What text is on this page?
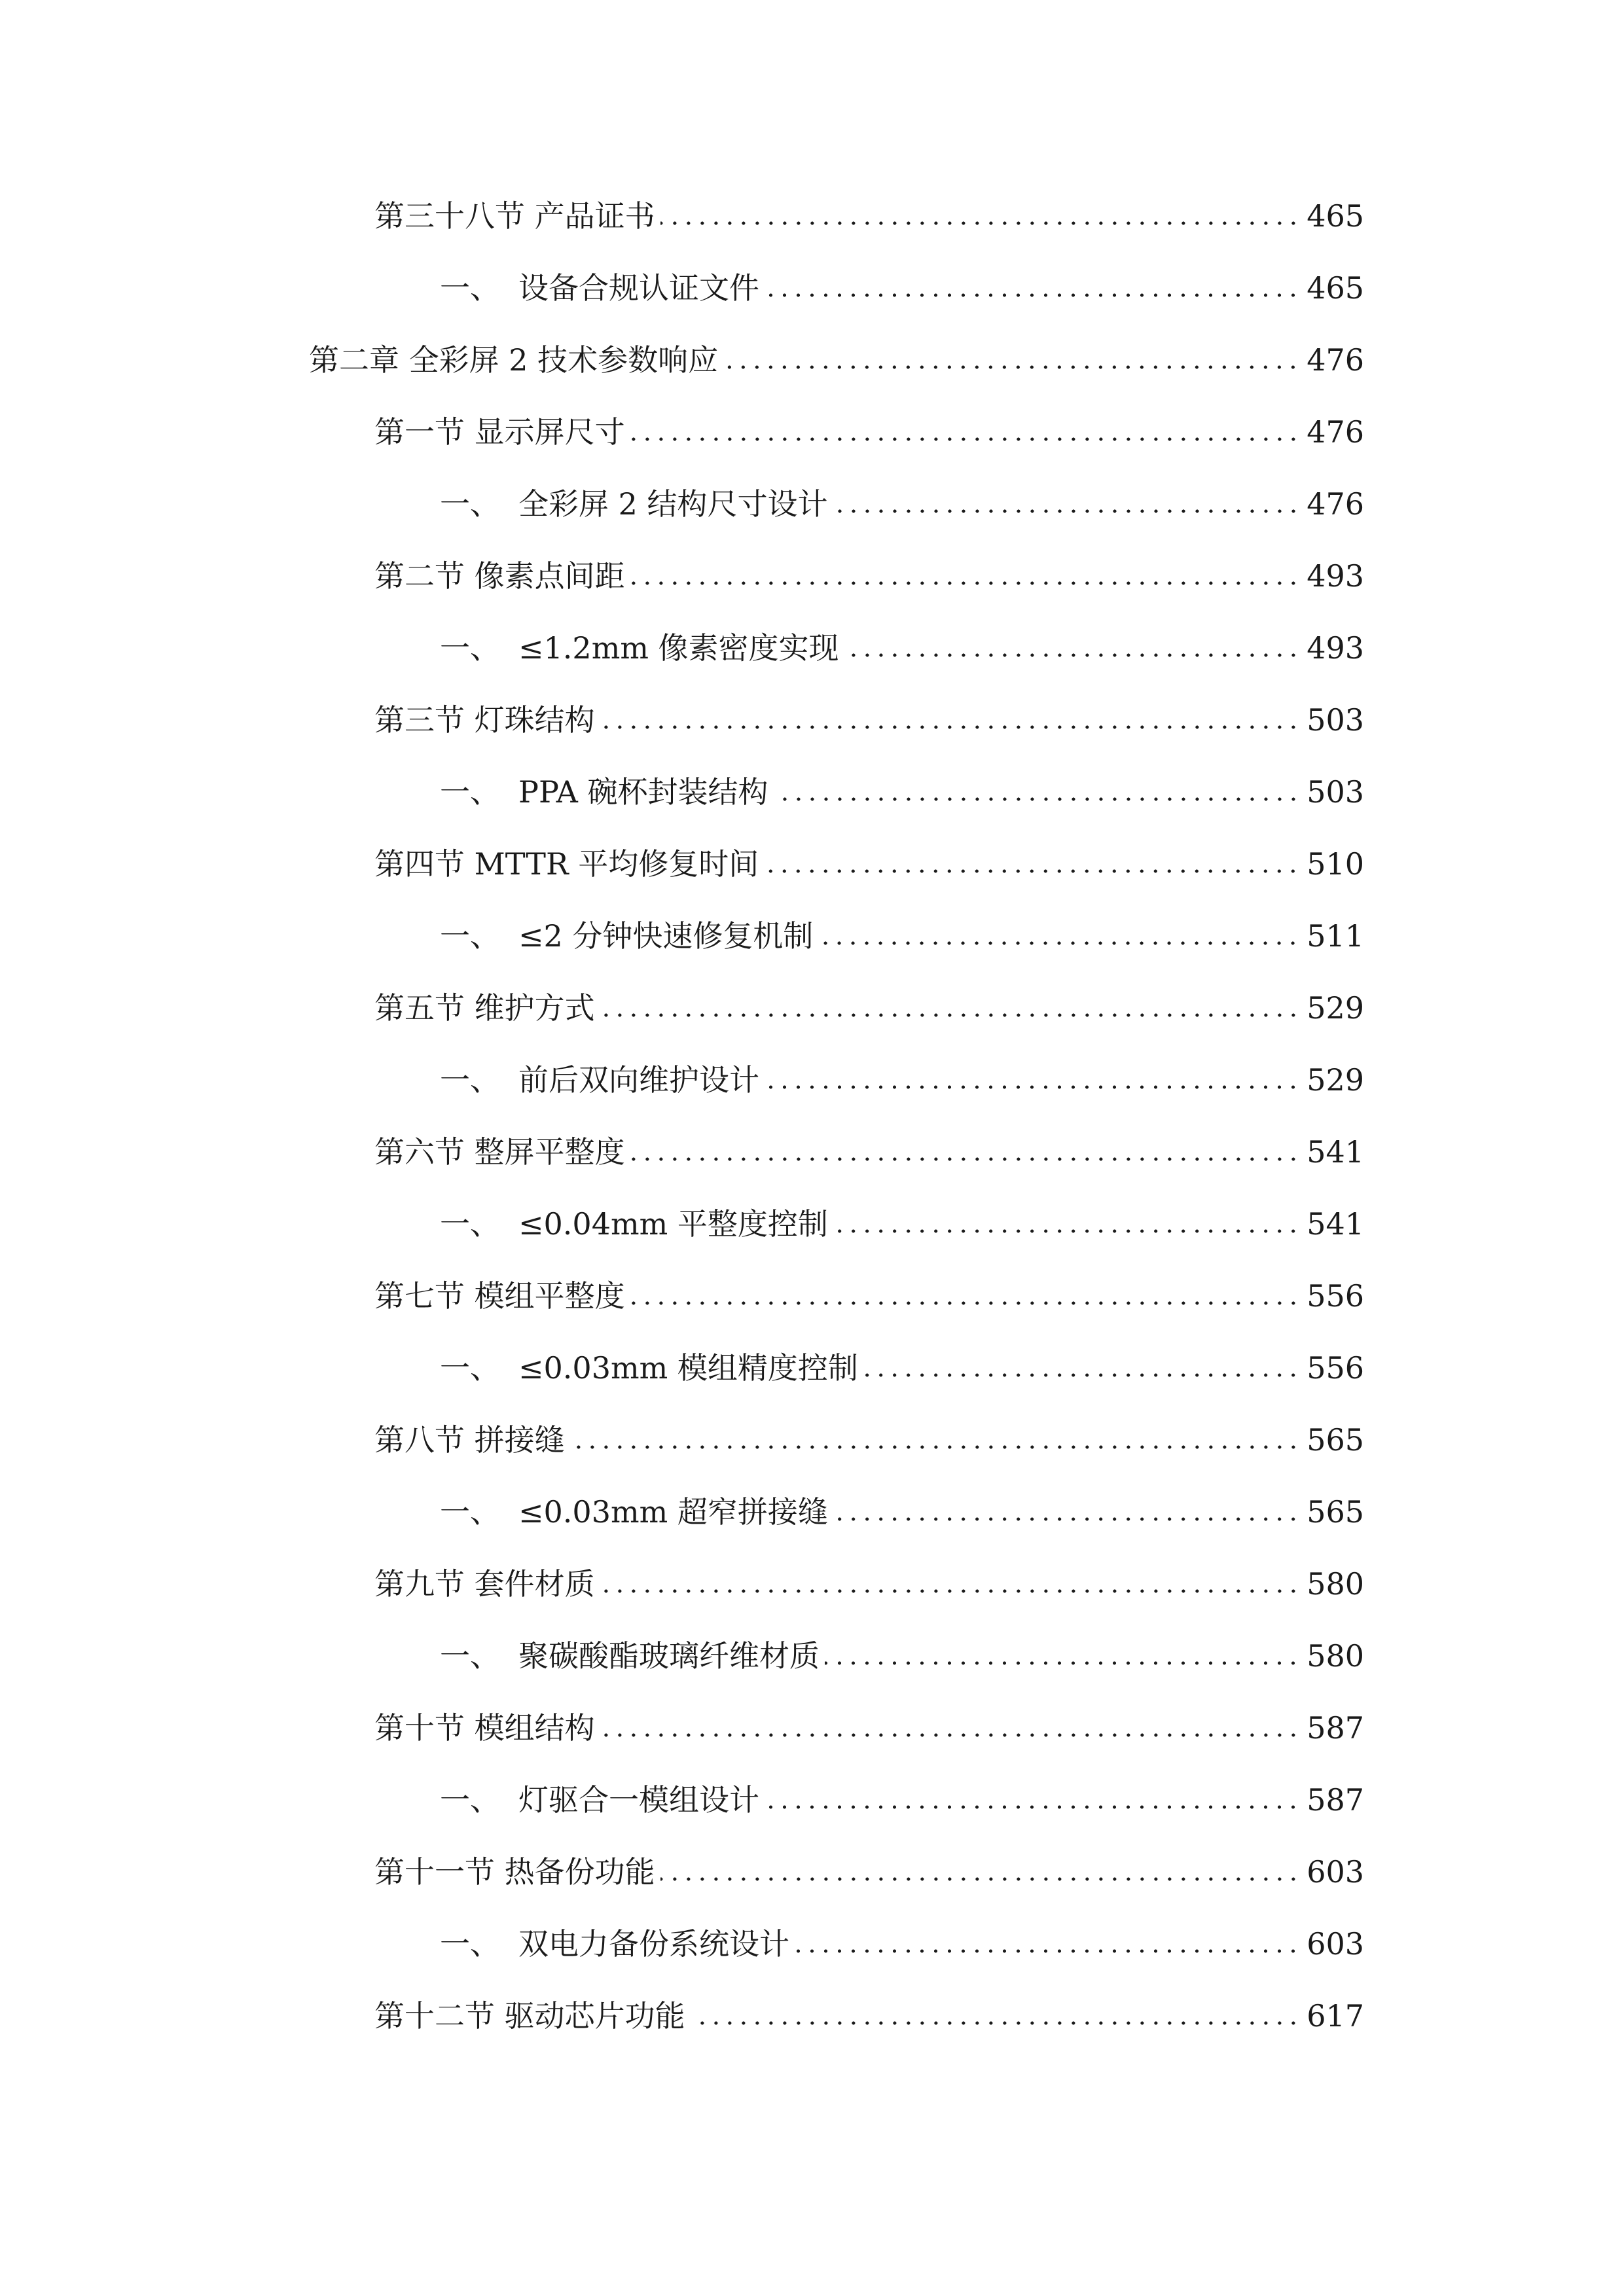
第三十八节 产品证书	465
一、 设备合规认证文件	465
第二章 全彩屏 2 技术参数响应	476
第一节 显示屏尺寸	476
一、 全彩屏 2 结构尺寸设计	476
第二节 像素点间距	493
一、 ≤1.2mm 像素密度实现	493
第三节 灯珠结构	503
一、 PPA 碗杯封装结构	503
第四节 MTTR 平均修复时间	510
一、 ≤2 分钟快速修复机制	511
第五节 维护方式	529
一、 前后双向维护设计	529
第六节 整屏平整度	541
一、 ≤0.04mm 平整度控制	541
第七节 模组平整度	556
一、 ≤0.03mm 模组精度控制	556
第八节 拼接缝	565
一、 ≤0.03mm 超窄拼接缝	565
第九节 套件材质	580
一、 聚碳酸酯玻璃纤维材质	580
第十节 模组结构	587
一、 灯驱合一模组设计	587
第十一节 热备份功能	603
一、 双电力备份系统设计	603
第十二节 驱动芯片功能	617
